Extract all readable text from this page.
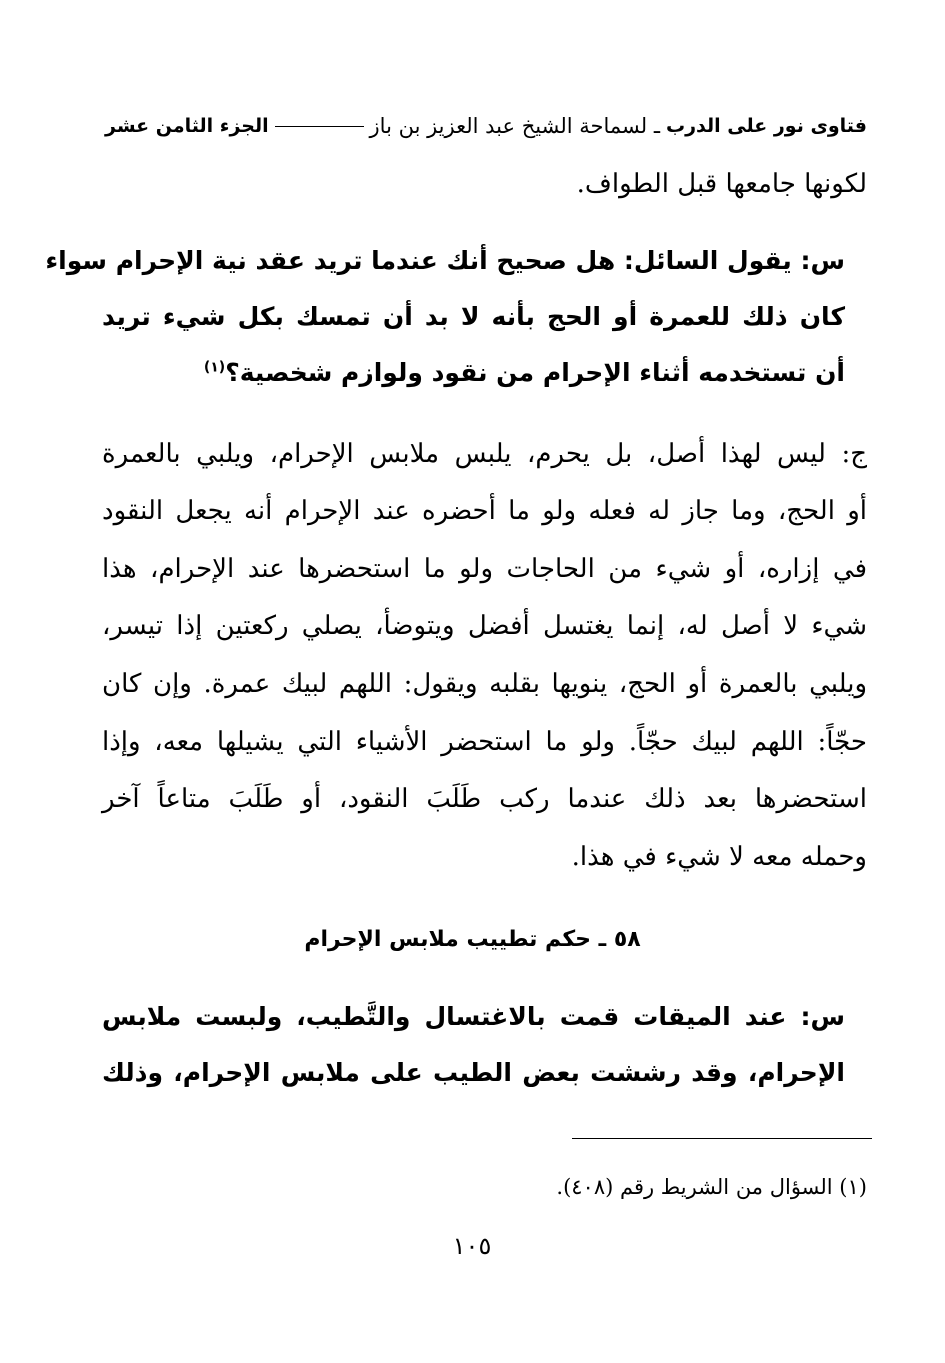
فتاوى نور على الدرب
ـ لسماحة الشيخ عبد العزيز بن باز
الجزء الثامن عشر
لكونها جامعها قبل الطواف.
س: يقول السائل: هل صحيح أنك عندما تريد عقد نية الإحرام سواء
كان ذلك للعمرة أو الحج بأنه لا بد أن تمسك بكل شيء تريد
أن تستخدمه أثناء الإحرام من نقود ولوازم شخصية؟$^{(١)}$
ج: ليس لهذا أصل، بل يحرم، يلبس ملابس الإحرام، ويلبي بالعمرة
أو الحج، وما جاز له فعله ولو ما أحضره عند الإحرام أنه يجعل النقود
في إزاره، أو شيء من الحاجات ولو ما استحضرها عند الإحرام، هذا
شيء لا أصل له، إنما يغتسل أفضل ويتوضأ، يصلي ركعتين إذا تيسر،
ويلبي بالعمرة أو الحج، ينويها بقلبه ويقول: اللهم لبيك عمرة. وإن كان
حجّاً: اللهم لبيك حجّاً. ولو ما استحضر الأشياء التي يشيلها معه، وإذا
استحضرها بعد ذلك عندما ركب طَلَبَ النقود، أو طَلَبَ متاعاً آخر
وحمله معه لا شيء في هذا.
٥٨ ـ حكم تطييب ملابس الإحرام
س: عند الميقات قمت بالاغتسال والتَّطيب، ولبست ملابس
الإحرام، وقد رششت بعض الطيب على ملابس الإحرام، وذلك
(١) السؤال من الشريط رقم (٤٠٨).
١٠٥
